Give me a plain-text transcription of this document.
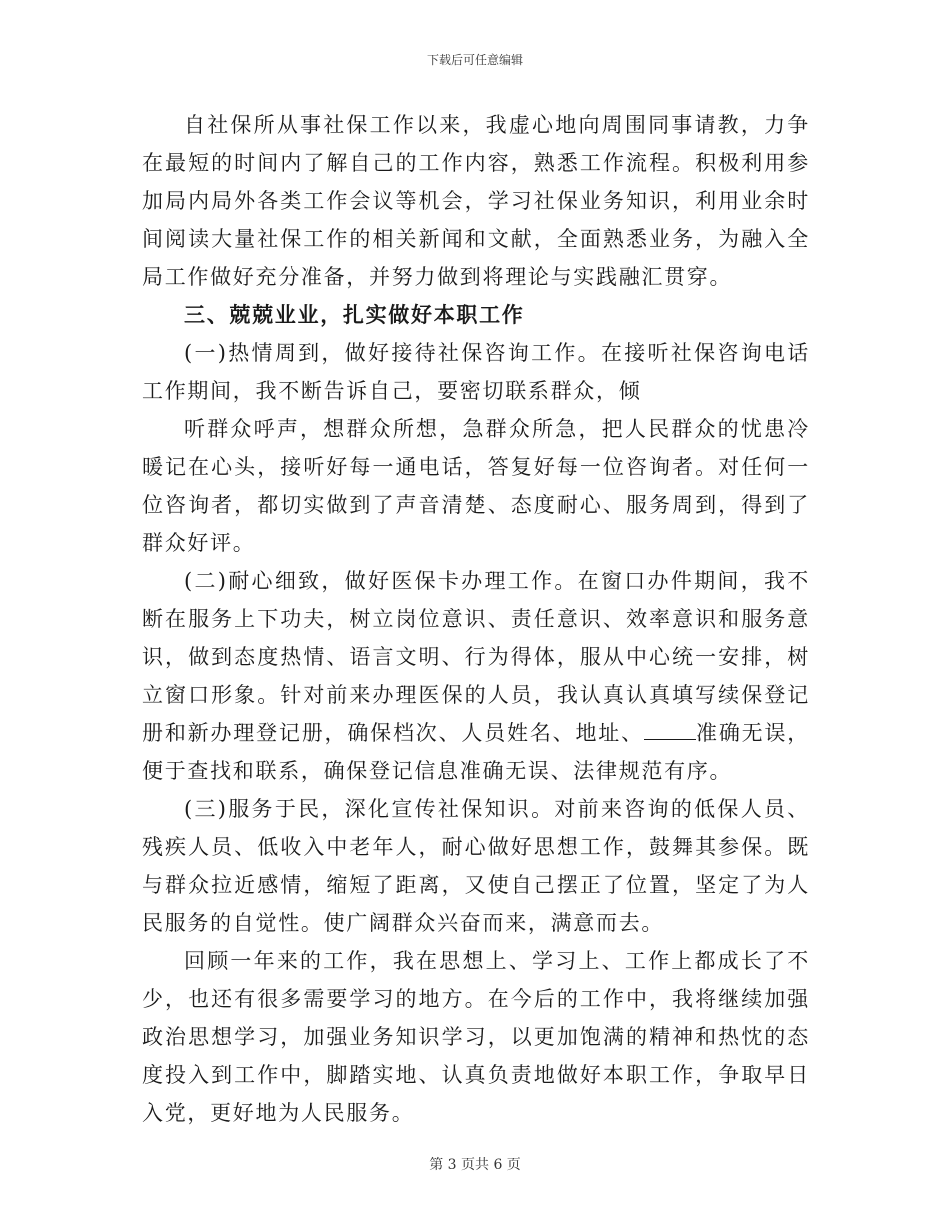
下载后可任意编辑

自社保所从事社保工作以来，我虚心地向周围同事请教，力争在最短的时间内了解自己的工作内容，熟悉工作流程。积极利用参加局内局外各类工作会议等机会，学习社保业务知识，利用业余时间阅读大量社保工作的相关新闻和文献，全面熟悉业务，为融入全局工作做好充分准备，并努力做到将理论与实践融汇贯穿。

三、兢兢业业，扎实做好本职工作

(一)热情周到，做好接待社保咨询工作。在接听社保咨询电话工作期间，我不断告诉自己，要密切联系群众，倾

听群众呼声，想群众所想，急群众所急，把人民群众的忧患冷暖记在心头，接听好每一通电话，答复好每一位咨询者。对任何一位咨询者，都切实做到了声音清楚、态度耐心、服务周到，得到了群众好评。

(二)耐心细致，做好医保卡办理工作。在窗口办件期间，我不断在服务上下功夫，树立岗位意识、责任意识、效率意识和服务意识，做到态度热情、语言文明、行为得体，服从中心统一安排，树立窗口形象。针对前来办理医保的人员，我认真认真填写续保登记册和新办理登记册，确保档次、人员姓名、地址、 准确无误，便于查找和联系，确保登记信息准确无误、法律规范有序。

(三)服务于民，深化宣传社保知识。对前来咨询的低保人员、残疾人员、低收入中老年人，耐心做好思想工作，鼓舞其参保。既与群众拉近感情，缩短了距离，又使自己摆正了位置，坚定了为人民服务的自觉性。使广阔群众兴奋而来，满意而去。

回顾一年来的工作，我在思想上、学习上、工作上都成长了不少，也还有很多需要学习的地方。在今后的工作中，我将继续加强政治思想学习，加强业务知识学习，以更加饱满的精神和热忱的态度投入到工作中，脚踏实地、认真负责地做好本职工作，争取早日入党，更好地为人民服务。

第 3 页共 6 页
